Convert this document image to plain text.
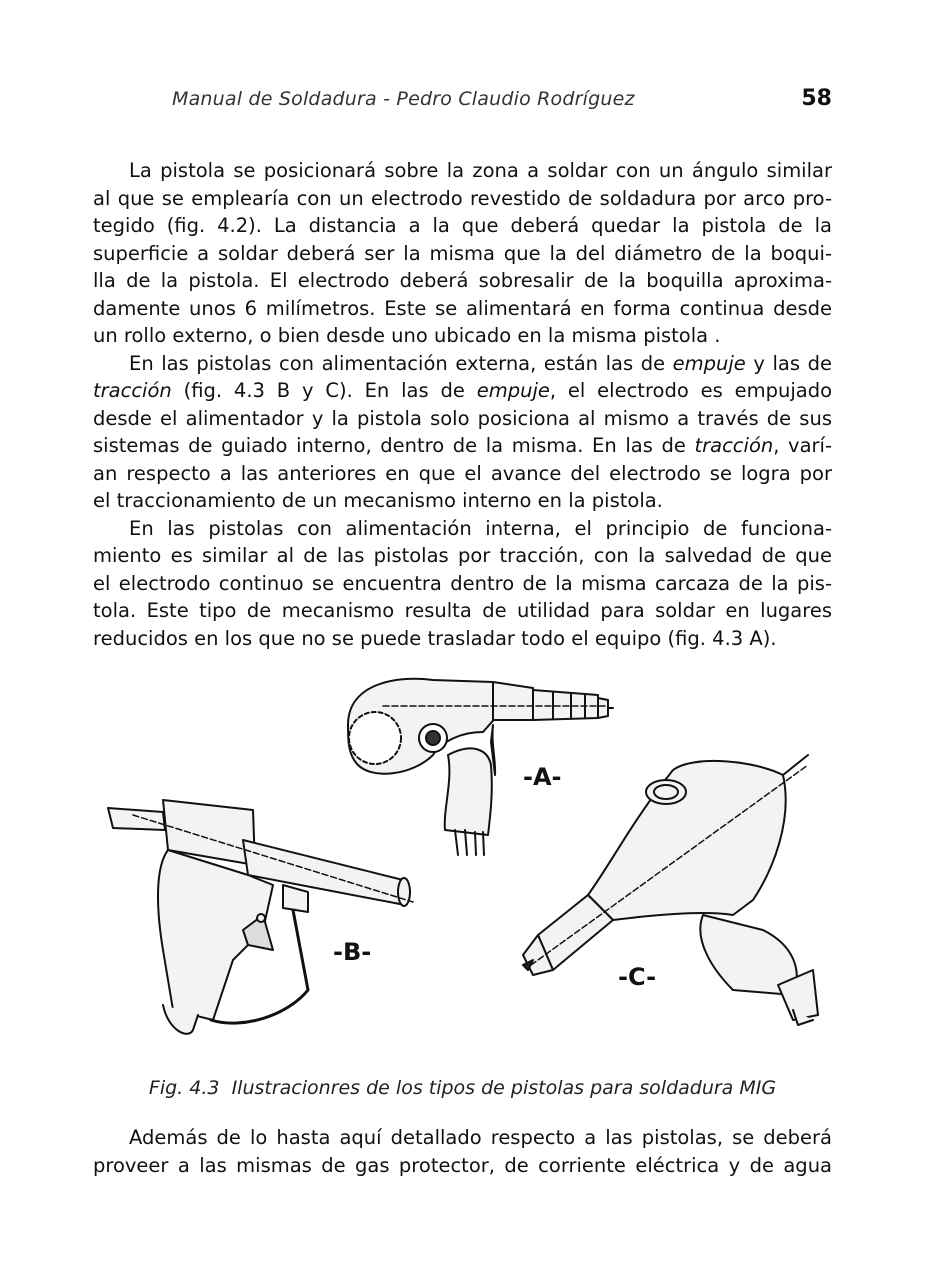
Manual de Soldadura - Pedro Claudio Rodríguez	58
La pistola se posicionará sobre la zona a soldar con un ángulo similar
al que se emplearía con un electrodo revestido de soldadura por arco pro-
tegido (fig. 4.2). La distancia a la que deberá quedar la pistola de la
superficie a soldar deberá ser la misma que la del diámetro de la boqui-
lla de la pistola. El electrodo deberá sobresalir de la boquilla aproxima-
damente unos 6 milímetros. Este se alimentará en forma continua desde
un rollo externo, o bien desde uno ubicado en la misma pistola .
En las pistolas con alimentación externa, están las de empuje y las de
tracción (fig. 4.3 B y C). En las de empuje, el electrodo es empujado
desde el alimentador y la pistola solo posiciona al mismo a través de sus
sistemas de guiado interno, dentro de la misma. En las de tracción, varí-
an respecto a las anteriores en que el avance del electrodo se logra por
el traccionamiento de un mecanismo interno en la pistola.
En las pistolas con alimentación interna, el principio de funciona-
miento es similar al de las pistolas por tracción, con la salvedad de que
el electrodo continuo se encuentra dentro de la misma carcaza de la pis-
tola. Este tipo de mecanismo resulta de utilidad para soldar en lugares
reducidos en los que no se puede trasladar todo el equipo (fig. 4.3 A).
-A-
-B-
-C-
Fig. 4.3 Ilustracionres de los tipos de pistolas para soldadura MIG
Además de lo hasta aquí detallado respecto a las pistolas, se deberá
proveer a las mismas de gas protector, de corriente eléctrica y de agua
